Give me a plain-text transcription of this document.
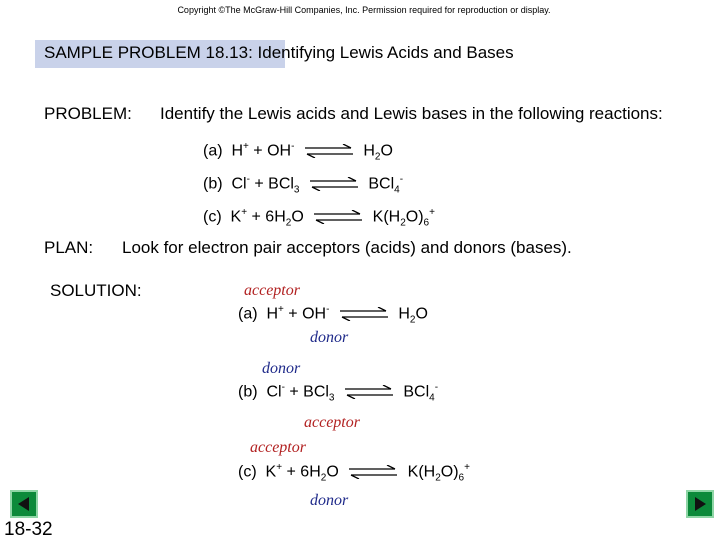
Copyright ©The McGraw-Hill Companies, Inc. Permission required for reproduction or display.
SAMPLE PROBLEM 18.13: Identifying Lewis Acids and Bases
PROBLEM: Identify the Lewis acids and Lewis bases in the following reactions:
(a)  H+ + OH- ⇌ $H_2O$
(b)  Cl- + BCl$_3$ ⇌ BCl$_4$-
(c)  $K^+ + 6H_2O$ ⇌ $K(H_2O)_6^+$
PLAN: Look for electron pair acceptors (acids) and donors (bases).
SOLUTION:	acceptor
(a)  H+ + OH- ⇌ $H_2O$
donor
donor
(b)  Cl- + BCl$_3$ ⇌ BCl$_4$-
acceptor
acceptor
(c)  $K^+ + 6H_2O$ ⇌ $K(H_2O)_6^+$
donor
18-32
